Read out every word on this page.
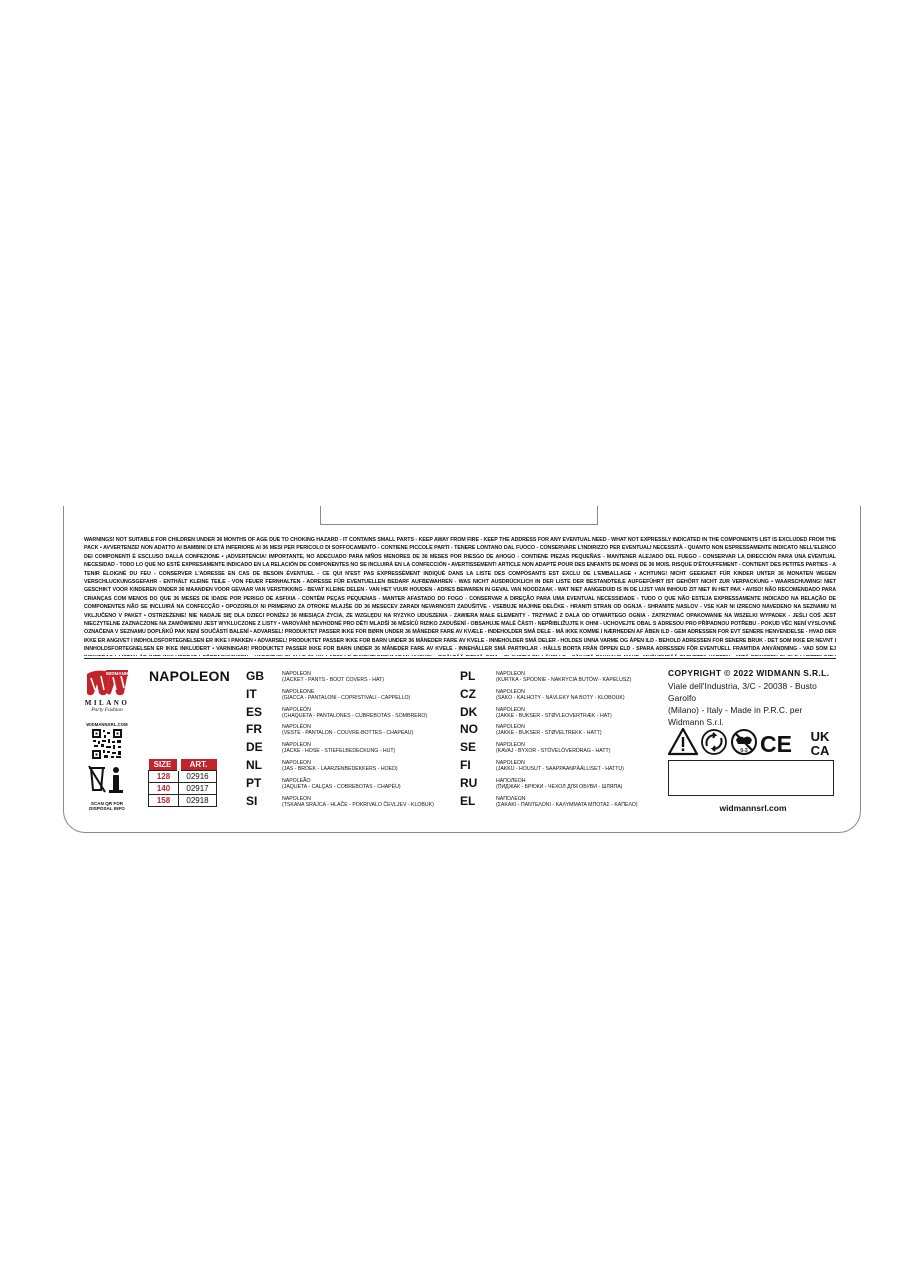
WARNINGS! NOT SUITABLE FOR CHILDREN UNDER 36 MONTHS OF AGE DUE TO CHOKING HAZARD - IT CONTAINS SMALL PARTS - KEEP AWAY FROM FIRE - KEEP THE ADDRESS FOR ANY EVENTUAL NEED - WHAT NOT EXPRESSLY INDICATED IN THE COMPONENTS LIST IS EXCLUDED FROM THE PACK • AVVERTENZE! NON ADATTO AI BAMBINI DI ETÀ INFERIORE AI 36 MESI PER PERICOLO DI SOFFOCAMENTO - CONTIENE PICCOLE PARTI - TENERE LONTANO DAL FUOCO - CONSERVARE L'INDIRIZZO PER EVENTUALI NECESSITÀ - QUANTO NON ESPRESSAMENTE INDICATO NELL'ELENCO DEI COMPONENTI È ESCLUSO DALLA CONFEZIONE • ¡ADVERTENCIA! IMPORTANTE, NO ADECUADO PARA NIÑOS MENORES DE 36 MESES POR RIESGO DE AHOGO - CONTIENE PIEZAS PEQUEÑAS - MANTENER ALEJADO DEL FUEGO - CONSERVAR LA DIRECCIÓN PARA UNA EVENTUAL NECESIDAD - TODO LO QUE NO ESTÉ EXPRESAMENTE INDICADO EN LA RELACIÓN DE COMPONENTES NO SE INCLUIRÁ EN LA CONFECCIÓN • AVERTISSEMENT! ARTICLE NON ADAPTÉ POUR DES ENFANTS DE MOINS DE 36 MOIS. RISQUE D'ÉTOUFFEMENT - CONTIENT DES PETITES PARTIES - A TENIR ÉLOIGNÉ DU FEU - CONSERVER L'ADRESSE EN CAS DE BESOIN ÉVENTUEL - CE QUI N'EST PAS EXPRESSÉMENT INDIQUÉ DANS LA LISTE DES COMPOSANTS EST EXCLU DE L'EMBALLAGE • ACHTUNG! NICHT GEEIGNET FÜR KINDER UNTER 36 MONATEN WEGEN VERSCHLUCKUNGSGEFAHR - ENTHÄLT KLEINE TEILE - VON FEUER FERNHALTEN - ADRESSE FÜR EVENTUELLEN BEDARF AUFBEWAHREN - WAS NICHT AUSDRÜCKLICH IN DER LISTE DER BESTANDTEILE AUFGEFÜHRT IST GEHÖRT NICHT ZUR VERPACKUNG • WAARSCHUWING! NIET GESCHIKT VOOR KINDEREN ONDER 36 MAANDEN VOOR GEVAAR VAN VERSTIKKING - BEVAT KLEINE DELEN - VAN HET VUUR HOUDEN - ADRES BEWAREN IN GEVAL VAN NOODZAAK - WAT NIET AANGEDUID IS IN DE LIJST VAN INHOUD ZIT NIET IN HET PAK • AVISO! NÃO RECOMENDADO PARA CRIANÇAS COM MENOS DO QUE 36 MESES DE IDADE POR PERIGO DE ASFIXIA - CONTÉM PEÇAS PEQUENAS - MANTER AFASTADO DO FOGO - CONSERVAR A DIREÇÃO PARA UMA EVENTUAL NECESSIDADE - TUDO O QUE NÃO ESTEJA EXPRESSAMENTE INDICADO NA RELAÇÃO DE COMPONENTES NÃO SE INCLUIRÁ NA CONFECÇÃO • OPOZORILO! NI PRIMERNO ZA OTROKE MLAJŠE OD 36 MESECEV ZARADI NEVARNOSTI ZADUŠITVE - VSEBUJE MAJHNE DELČKE - HRANITI STRAN OD OGNJA - SHRANITE NASLOV - VSE KAR NI IZRECNO NAVEDENO NA SEZNAMU NI VKLJUČENO V PAKET • OSTRZEŻENIE! NIE NADAJE SIĘ DLA DZIECI PONIŻEJ 36 MIESIĄCA ŻYCIA, ZE WZGLĘDU NA RYZYKO UDUSZENIA - ZAWIERA MAŁE ELEMENTY - TRZYMAĆ Z DALA OD OTWARTEGO OGNIA - ZATRZYMAĆ OPAKOWANIE NA WSZELKI WYPADEK - JEŚLI COŚ JEST NIECZYTELNE ZAZNACZONE NA ZAMÓWIENIU JEST WYKLUCZONE Z LISTY • VAROVÁNÍ! NEVHODNÉ PRO DĚTI MLADŠÍ 36 MĚSÍCŮ RIZIKO ZADUŠENÍ - OBSAHUJE MALÉ ČÁSTI - NEPŘIBLIŽUJTE K OHNI - UCHOVEJTE OBAL S ADRESOU PRO PŘÍPADNOU POTŘEBU - POKUD VĚC NENÍ VÝSLOVNĚ OZNAČENA V SEZNAMU DOPLŇKŮ PAK NENÍ SOUČÁSTÍ BALENÍ • ADVARSEL! PRODUKTET PASSER IKKE FOR BØRN UNDER 36 MÅNEDER FARE AV KVÆLE - INDEHOLDER SMÅ DELE - MÅ IKKE KOMME I NÆRHEDEN AF ÅBEN ILD - GEM ADRESSEN FOR EVT SENERE HENVENDELSE - HVAD DER IKKE ER ANGIVET I INDHOLDSFORTEGNELSEN ER IKKE I PAKKEN • ADVARSEL! PRODUKTET PASSER IKKE FOR BARN UNDER 36 MÅNEDER FARE AV KVELE - INNEHOLDER SMÅ DELER - HOLDES UNNA VARME OG ÅPEN ILD - BEHOLD ADRESSEN FOR SENERE BRUK - DET SOM IKKE ER NEVNT I INNHOLDSFORTEGNELSEN ER IKKE INKLUDERT • VARNINGAR! PRODUKTET PASSER IKKE FOR BARN UNDER 36 MÅNEDER FARE AV KVELE - INNEHÅLLER SMÅ PARTIKLAR - HÅLLS BORTA FRÅN ÖPPEN ELD - SPARA ADRESSEN FÖR EVENTUELL FRAMTIDA ANVÄNDNING - VAD SOM EJ
WIDMANN
MILANO
Party Fashion
WIDMANNSRL.COM

SCAN QR FOR DISPOSAL INFO
NAPOLEON
SIZE	ART.
128	02916
140	02917
158	02918
GB	NAPOLEON
(JACKET - PANTS - BOOT COVERS - HAT)
IT	NAPOLEONE
(GIACCA - PANTALONI - COPRISTIVALI - CAPPELLO)
ES	NAPOLEÓN
(CHAQUETA - PANTALONES - CUBREBOTAS - SOMBRERO)
FR	NAPOLÉON
(VESTE - PANTALON - COUVRE-BOTTES - CHAPEAU)
DE	NAPOLEON
(JACKE - HOSE - STIEFELBEDECKUNG - HUT)
NL	NAPOLEON
(JAS - BROEK - LAARZENBEDEKKERS - HOED)
PT	NAPOLEÃO
(JAQUETA - CALÇAS - COBREBOTAS - CHAPÉU)
SI	NAPOLEON
(TSKANA SRAJCA - HLAČE - POKRIVALO ČEVLJEV - KLOBUK)
PL	NAPOLEON
(KURTKA - SPODNIE - NAKRYCIA BUTÓW - KAPELUSZ)
CZ	NAPOLEON
(SAKO - KALHOTY - NÁVLEKY NA BOTY - KLOBOUK)
DK	NAPOLEON
(JAKKE - BUKSER - STØVLEOVERTRÆK - HAT)
NO	NAPOLEON
(JAKKE - BUKSER - STØVELTREKK - HATT)
SE	NAPOLEON
(KAVAJ - BYXOR - STÖVELÖVERDRAG - HATT)
FI	NAPOLEON
(JAKKU - HOUSUT - SAAPPAANPÄÄLLISET - HATTU)
RU	НАПОЛЕОН
(ПИДЖАК - БРЮКИ - ЧЕХОЛ ДЛЯ ОБУВИ - ШЛЯПА)
EL	ΝΑΠΟΛΕΩΝ
(ΣΑΚΑΚΙ - ΠΑΝΤΕΛΟΝΙ - ΚΑΛΥΜΜΑΤΑ ΜΠΟΤΑΣ - ΚΑΠΕΛΟ)
COPYRIGHT © 2022 WIDMANN S.R.L.
Viale dell'Industria, 3/C - 20038 - Busto Garolfo
(Milano) - Italy - Made in P.R.C. per Widmann S.r.l.
0-3 CE UK
CA
widmannsrl.com
